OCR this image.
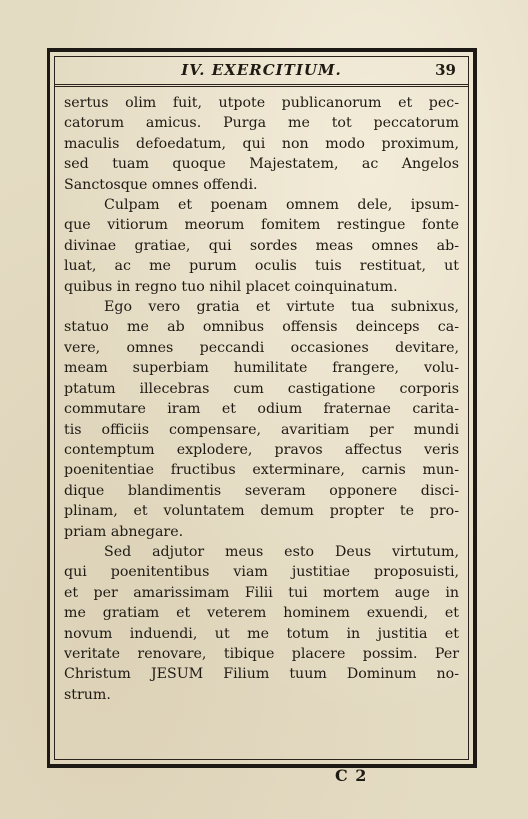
IV. EXERCITIUM.	39
sertus olim fuit, utpote publicanorum et pec-
catorum amicus. Purga me tot peccatorum
maculis defoedatum, qui non modo proximum,
sed tuam quoque Majestatem, ac Angelos
Sanctosque omnes offendi.
Culpam et poenam omnem dele, ipsum-
que vitiorum meorum fomitem restingue fonte
divinae gratiae, qui sordes meas omnes ab-
luat, ac me purum oculis tuis restituat, ut
quibus in regno tuo nihil placet coinquinatum.
Ego vero gratia et virtute tua subnixus,
statuo me ab omnibus offensis deinceps ca-
vere, omnes peccandi occasiones devitare,
meam superbiam humilitate frangere, volu-
ptatum illecebras cum castigatione corporis
commutare iram et odium fraternae carita-
tis officiis compensare, avaritiam per mundi
contemptum explodere, pravos affectus veris
poenitentiae fructibus exterminare, carnis mun-
dique blandimentis severam opponere disci-
plinam, et voluntatem demum propter te pro-
priam abnegare.
Sed adjutor meus esto Deus virtutum,
qui poenitentibus viam justitiae proposuisti,
et per amarissimam Filii tui mortem auge in
me gratiam et veterem hominem exuendi, et
novum induendi, ut me totum in justitia et
veritate renovare, tibique placere possim. Per
Christum JESUM Filium tuum Dominum no-
strum.
C 2
